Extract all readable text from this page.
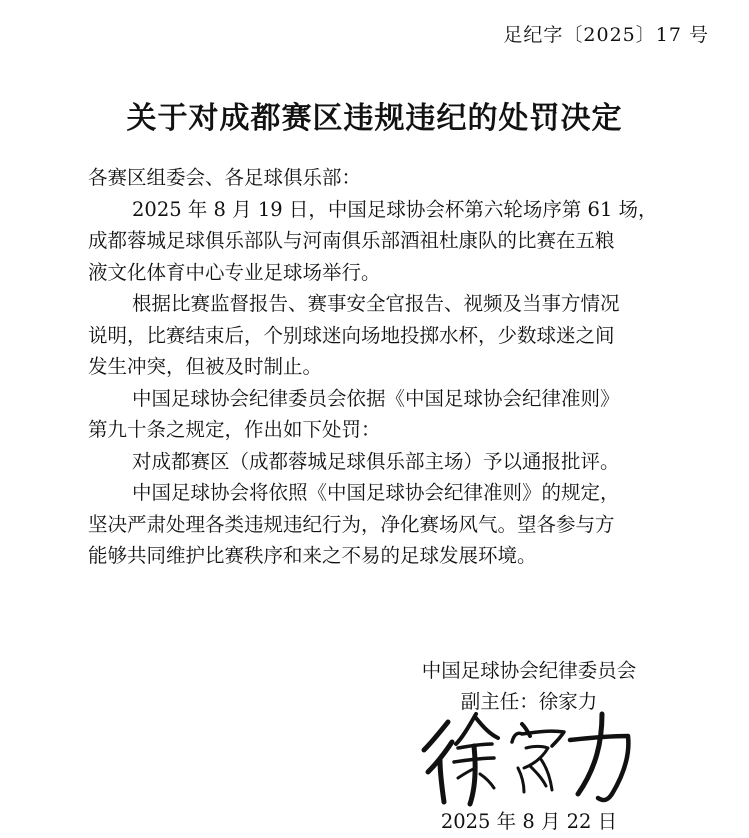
足纪字〔2025〕17 号
关于对成都赛区违规违纪的处罚决定
各赛区组委会、各足球俱乐部：
2025 年 8 月 19 日，中国足球协会杯第六轮场序第 61 场，
成都蓉城足球俱乐部队与河南俱乐部酒祖杜康队的比赛在五粮
液文化体育中心专业足球场举行。
根据比赛监督报告、赛事安全官报告、视频及当事方情况
说明，比赛结束后，个别球迷向场地投掷水杯，少数球迷之间
发生冲突，但被及时制止。
中国足球协会纪律委员会依据《中国足球协会纪律准则》
第九十条之规定，作出如下处罚：
对成都赛区（成都蓉城足球俱乐部主场）予以通报批评。
中国足球协会将依照《中国足球协会纪律准则》的规定，
坚决严肃处理各类违规违纪行为，净化赛场风气。望各参与方
能够共同维护比赛秩序和来之不易的足球发展环境。
中国足球协会纪律委员会
副主任：徐家力
2025 年 8 月 22 日
